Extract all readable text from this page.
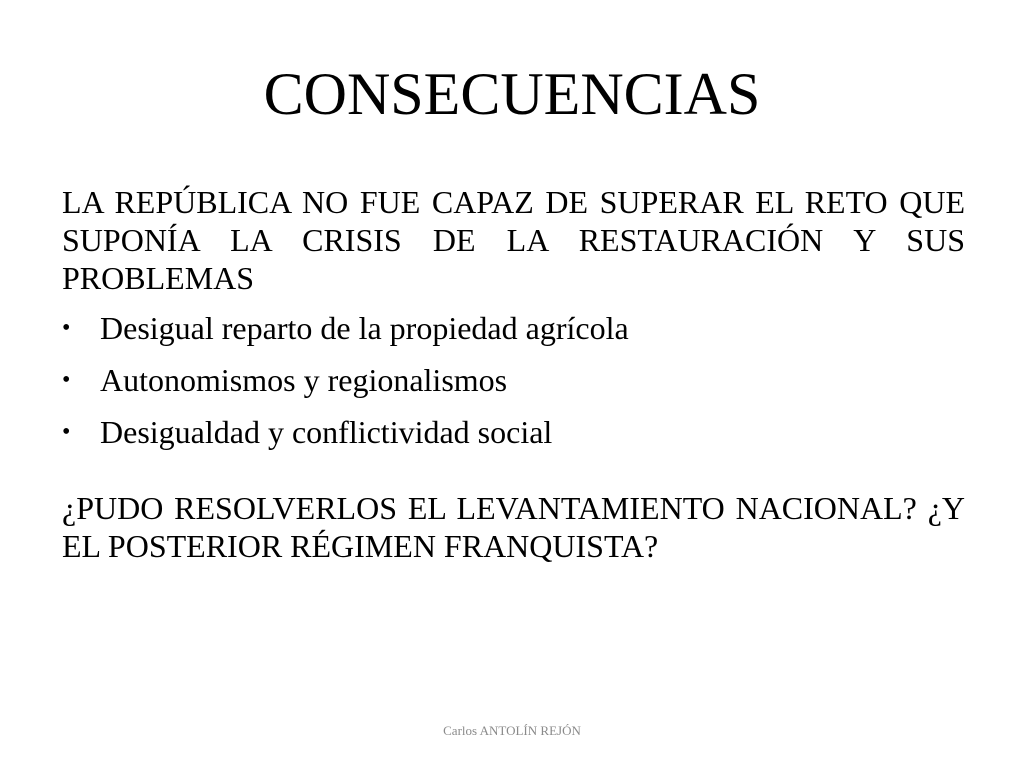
CONSECUENCIAS

LA REPÚBLICA NO FUE CAPAZ DE SUPERAR EL RETO QUE SUPONÍA LA CRISIS DE LA RESTAURACIÓN Y SUS PROBLEMAS

• Desigual reparto de la propiedad agrícola
• Autonomismos y regionalismos
• Desigualdad y conflictividad social

¿PUDO RESOLVERLOS EL LEVANTAMIENTO NACIONAL? ¿Y EL POSTERIOR RÉGIMEN FRANQUISTA?

Carlos ANTOLÍN REJÓN
